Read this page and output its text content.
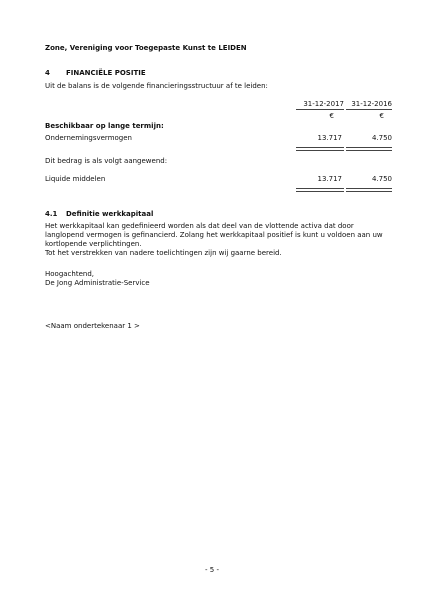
Zone, Vereniging voor Toegepaste Kunst te LEIDEN
4 FINANCIËLE POSITIE
Uit de balans is de volgende financieringsstructuur af te leiden:
31-12-2017	31-12-2016
€	€
Beschikbaar op lange termijn:
Ondernemingsvermogen	13.717	4.750
Dit bedrag is als volgt aangewend:
Liquide middelen	13.717	4.750
4.1 Definitie werkkapitaal
Het werkkapitaal kan gedefinieerd worden als dat deel van de vlottende activa dat door
langlopend vermogen is gefinancierd. Zolang het werkkapitaal positief is kunt u voldoen aan uw
kortlopende verplichtingen.
Tot het verstrekken van nadere toelichtingen zijn wij gaarne bereid.
Hoogachtend,
De Jong Administratie-Service
<Naam ondertekenaar 1 >
- 5 -
